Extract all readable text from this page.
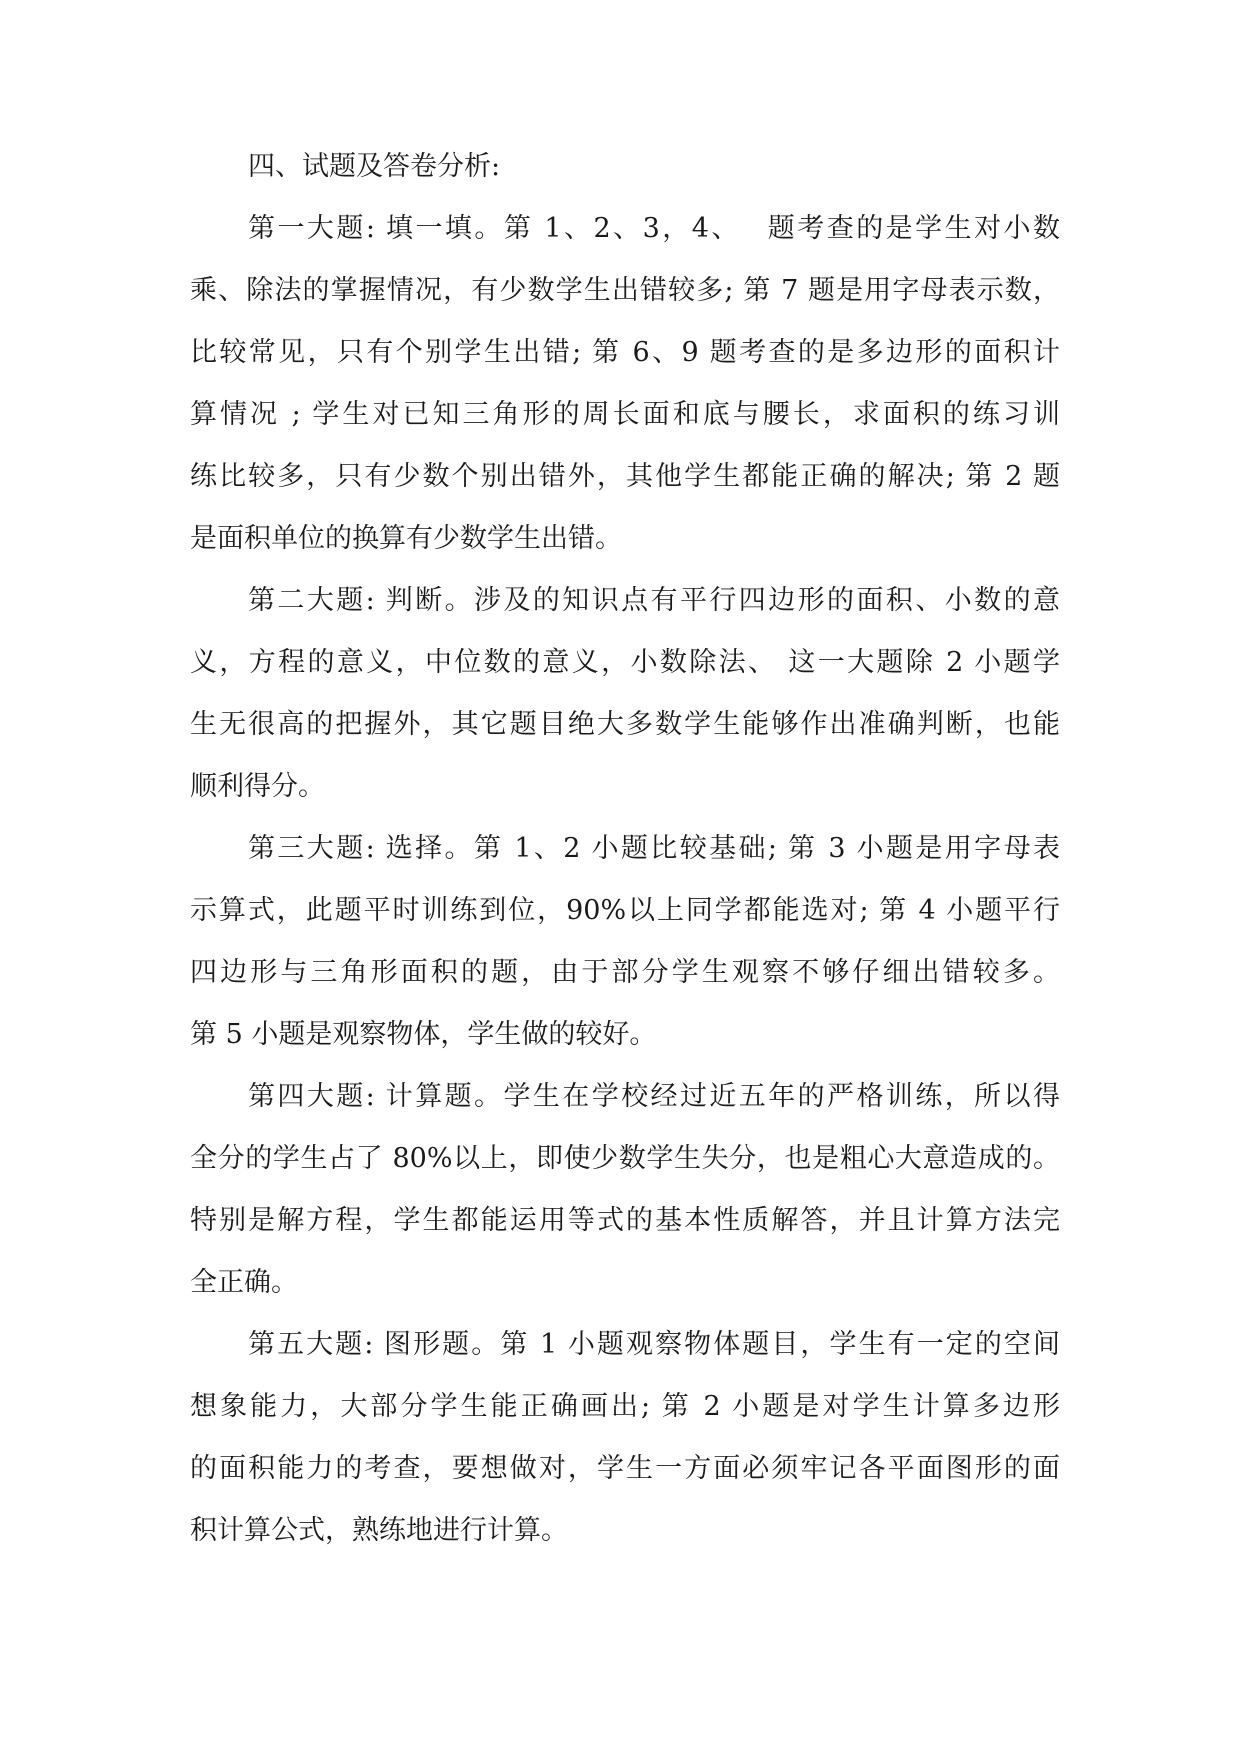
四、试题及答卷分析:
第一大题: 填一填。第 1、2、3，4、　 题考查的是学生对小数
乘、除法的掌握情况，有少数学生出错较多; 第 7 题是用字母表示数，
比较常见，只有个别学生出错; 第 6、9 题考查的是多边形的面积计
算情况 ; 学生对已知三角形的周长面和底与腰长，求面积的练习训
练比较多，只有少数个别出错外，其他学生都能正确的解决; 第 2 题
是面积单位的换算有少数学生出错。
第二大题: 判断。涉及的知识点有平行四边形的面积、小数的意
义，方程的意义，中位数的意义，小数除法、 这一大题除 2 小题学
生无很高的把握外，其它题目绝大多数学生能够作出准确判断，也能
顺利得分。
第三大题: 选择。第 1、2 小题比较基础; 第 3 小题是用字母表
示算式，此题平时训练到位，90%以上同学都能选对; 第 4 小题平行
四边形与三角形面积的题，由于部分学生观察不够仔细出错较多。
第 5 小题是观察物体，学生做的较好。
第四大题: 计算题。学生在学校经过近五年的严格训练，所以得
全分的学生占了 80%以上，即使少数学生失分，也是粗心大意造成的。
特别是解方程，学生都能运用等式的基本性质解答，并且计算方法完
全正确。
第五大题: 图形题。第 1 小题观察物体题目，学生有一定的空间
想象能力，大部分学生能正确画出; 第 2 小题是对学生计算多边形
的面积能力的考查，要想做对，学生一方面必须牢记各平面图形的面
积计算公式，熟练地进行计算。
